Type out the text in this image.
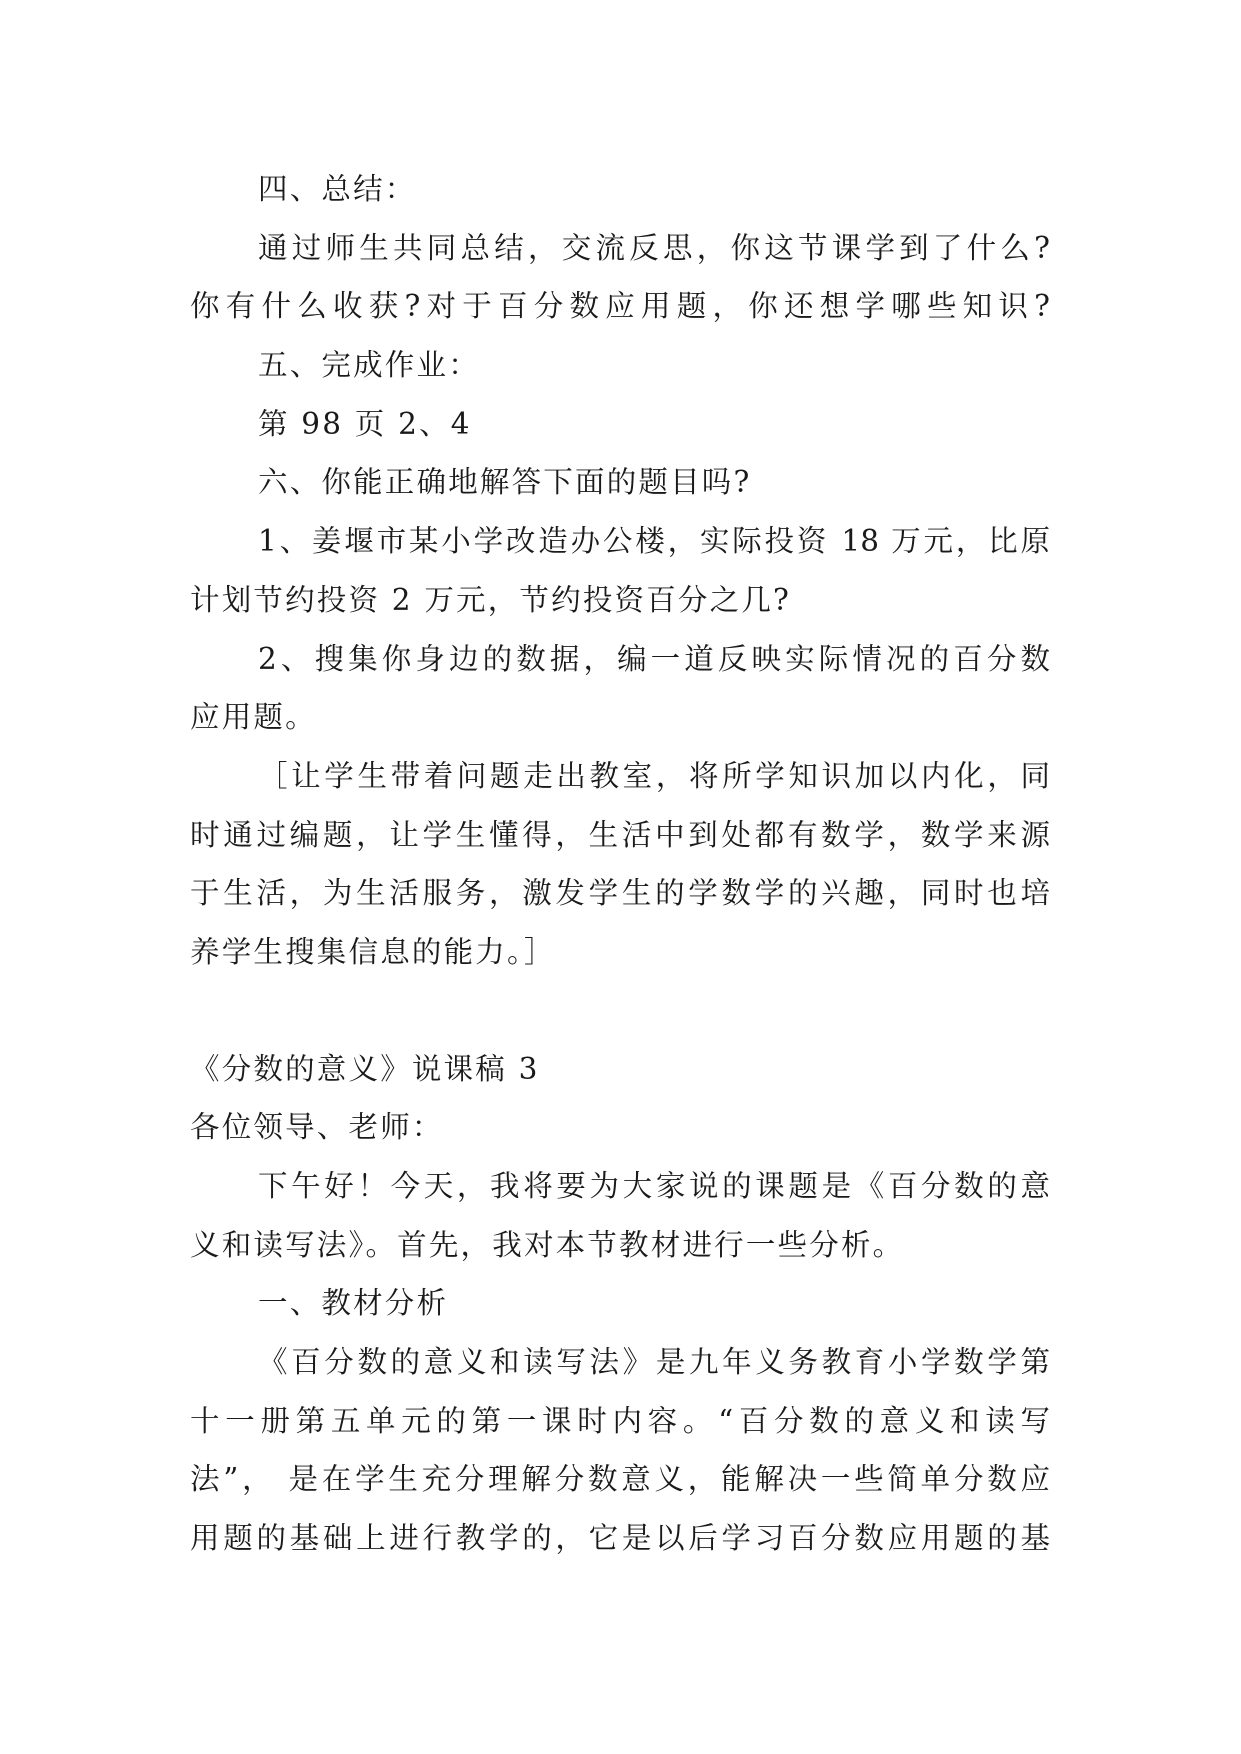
四、总结：

通过师生共同总结，交流反思，你这节课学到了什么?

你有什么收获?对于百分数应用题，你还想学哪些知识?

五、完成作业：

第 98 页 2、4

六、你能正确地解答下面的题目吗?

1、姜堰市某小学改造办公楼，实际投资 18 万元，比原

计划节约投资 2 万元，节约投资百分之几?

2、搜集你身边的数据，编一道反映实际情况的百分数

应用题。

［让学生带着问题走出教室，将所学知识加以内化，同

时通过编题，让学生懂得，生活中到处都有数学，数学来源

于生活，为生活服务，激发学生的学数学的兴趣，同时也培

养学生搜集信息的能力。］

《分数的意义》说课稿 3

各位领导、老师：

下午好！今天，我将要为大家说的课题是《百分数的意

义和读写法》。首先，我对本节教材进行一些分析。

一、教材分析

《百分数的意义和读写法》是九年义务教育小学数学第

十一册第五单元的第一课时内容。“百分数的意义和读写

法”， 是在学生充分理解分数意义，能解决一些简单分数应

用题的基础上进行教学的，它是以后学习百分数应用题的基
